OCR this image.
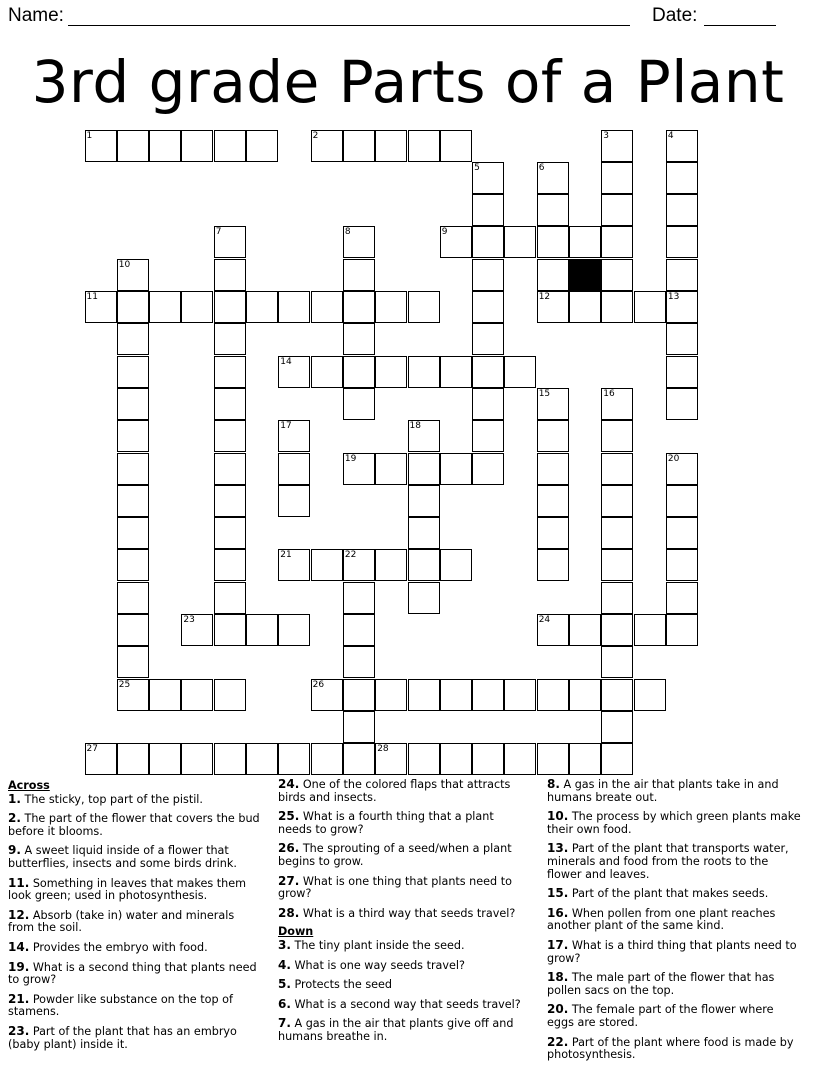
Name:	Date:
3rd grade Parts of a Plant
1	2
9
11	12	13
14
19
21	22
23	24
25	26
27	28
3	4
5	6
7	8
10
15	16
17	18
20
Across
1. The sticky, top part of the pistil.
2. The part of the flower that covers the bud before it blooms.
9. A sweet liquid inside of a flower that butterflies, insects and some birds drink.
11. Something in leaves that makes them look green; used in photosynthesis.
12. Absorb (take in) water and minerals from the soil.
14. Provides the embryo with food.
19. What is a second thing that plants need to grow?
21. Powder like substance on the top of stamens.
23. Part of the plant that has an embryo (baby plant) inside it.
24. One of the colored flaps that attracts birds and insects.
25. What is a fourth thing that a plant needs to grow?
26. The sprouting of a seed/when a plant begins to grow.
27. What is one thing that plants need to grow?
28. What is a third way that seeds travel?
Down
3. The tiny plant inside the seed.
4. What is one way seeds travel?
5. Protects the seed
6. What is a second way that seeds travel?
7. A gas in the air that plants give off and humans breathe in.
8. A gas in the air that plants take in and humans breate out.
10. The process by which green plants make their own food.
13. Part of the plant that transports water, minerals and food from the roots to the flower and leaves.
15. Part of the plant that makes seeds.
16. When pollen from one plant reaches another plant of the same kind.
17. What is a third thing that plants need to grow?
18. The male part of the flower that has pollen sacs on the top.
20. The female part of the flower where eggs are stored.
22. Part of the plant where food is made by photosynthesis.
